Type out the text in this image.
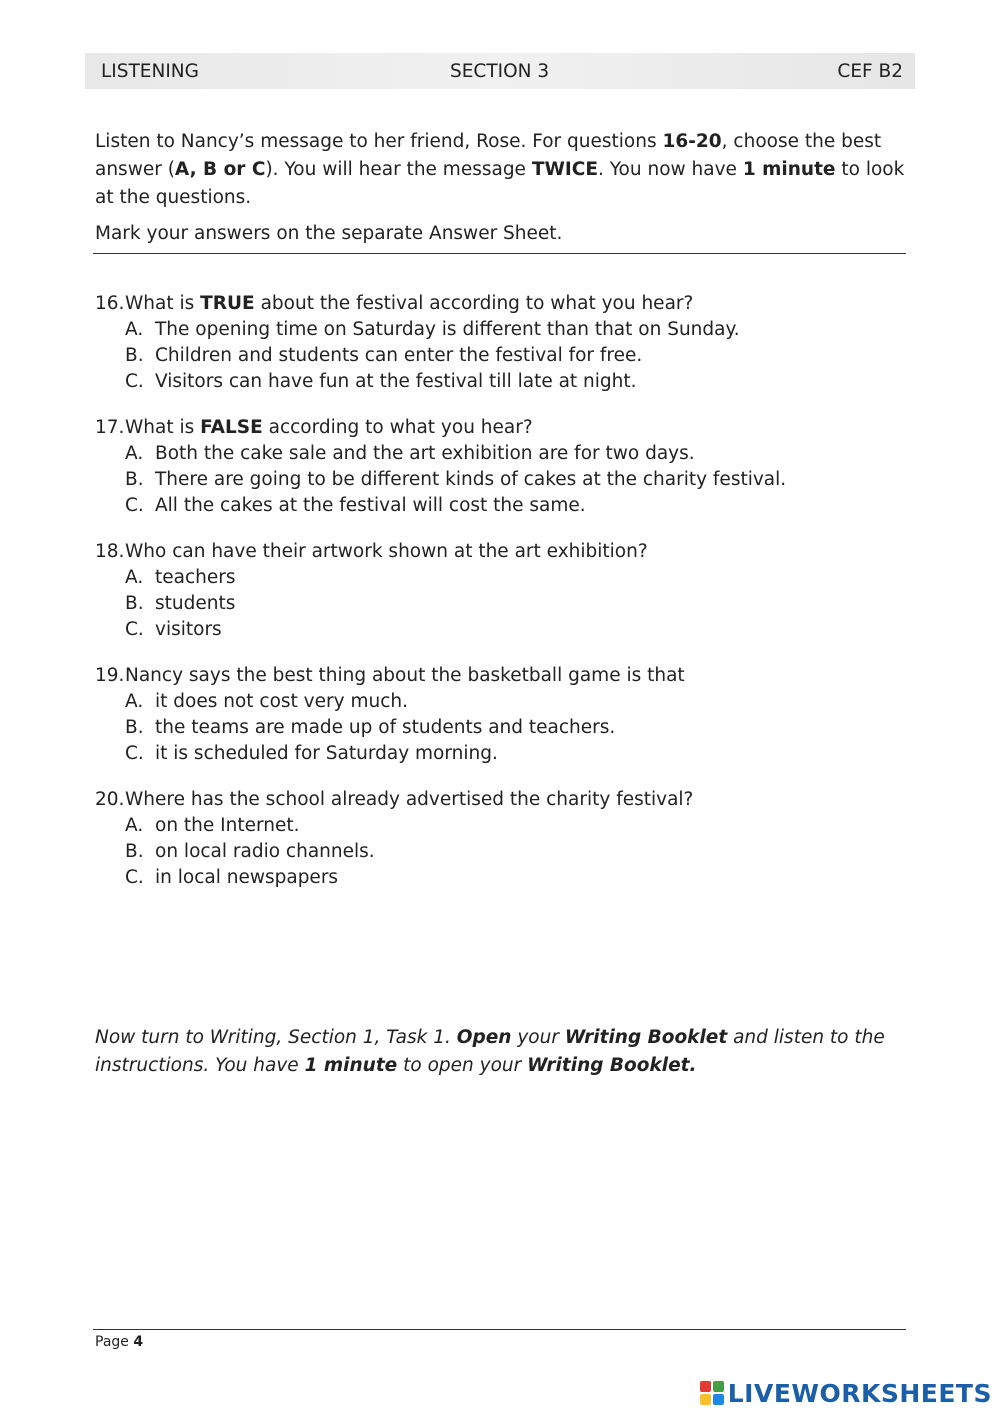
LISTENING	SECTION 3	CEF B2

Listen to Nancy’s message to her friend, Rose. For questions 16-20, choose the best answer (A, B or C). You will hear the message TWICE. You now have 1 minute to look at the questions.

Mark your answers on the separate Answer Sheet.
16.What is TRUE about the festival according to what you hear?
A. The opening time on Saturday is different than that on Sunday.
B. Children and students can enter the festival for free.
C. Visitors can have fun at the festival till late at night.
17.What is FALSE according to what you hear?
A. Both the cake sale and the art exhibition are for two days.
B. There are going to be different kinds of cakes at the charity festival.
C. All the cakes at the festival will cost the same.
18.Who can have their artwork shown at the art exhibition?
A. teachers
B. students
C. visitors
19.Nancy says the best thing about the basketball game is that
A. it does not cost very much.
B. the teams are made up of students and teachers.
C. it is scheduled for Saturday morning.
20.Where has the school already advertised the charity festival?
A. on the Internet.
B. on local radio channels.
C. in local newspapers

Now turn to Writing, Section 1, Task 1. Open your Writing Booklet and listen to the instructions. You have 1 minute to open your Writing Booklet.

Page 4
LIVEWORKSHEETS
